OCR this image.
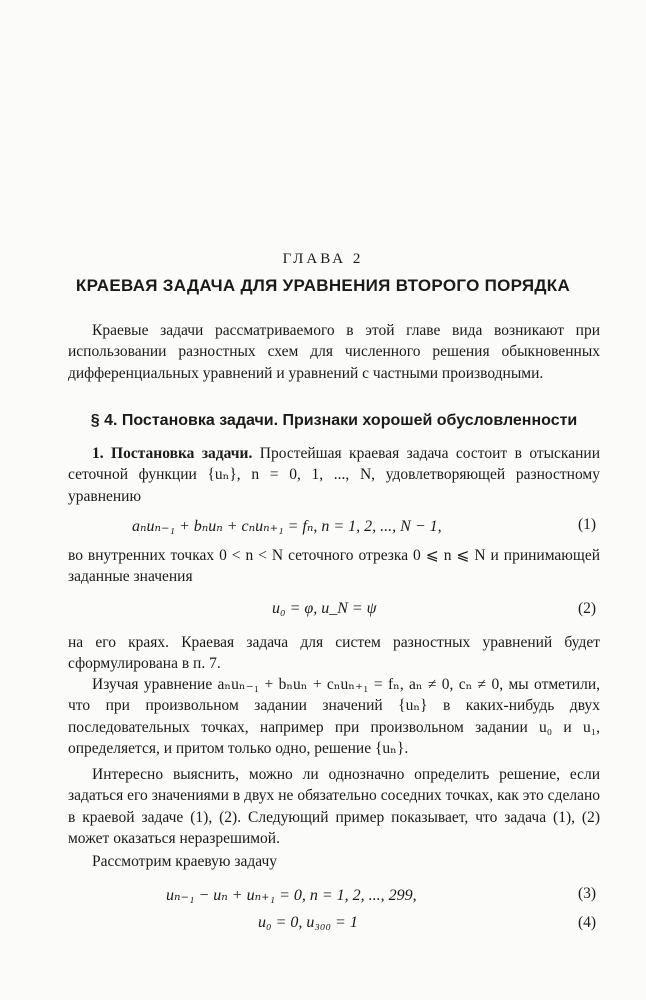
ГЛАВА 2
КРАЕВАЯ ЗАДАЧА ДЛЯ УРАВНЕНИЯ ВТОРОГО ПОРЯДКА
Краевые задачи рассматриваемого в этой главе вида возникают при использовании разностных схем для численного решения обыкновенных дифференциальных уравнений и уравнений с частными производными.
§ 4. Постановка задачи. Признаки хорошей обусловленности
1. Постановка задачи. Простейшая краевая задача состоит в отыскании сеточной функции {uₙ}, n = 0, 1, ..., N, удовлетворяющей разностному уравнению
aₙuₙ₋₁ + bₙuₙ + cₙuₙ₊₁ = fₙ, n = 1, 2, ..., N − 1,	(1)
во внутренних точках 0 < n < N сеточного отрезка 0 ⩽ n ⩽ N и принимающей заданные значения
u₀ = φ, u_N = ψ	(2)
на его краях. Краевая задача для систем разностных уравнений будет сформулирована в п. 7.
Изучая уравнение aₙuₙ₋₁ + bₙuₙ + cₙuₙ₊₁ = fₙ, aₙ ≠ 0, cₙ ≠ 0, мы отметили, что при произвольном задании значений {uₙ} в каких-нибудь двух последовательных точках, например при произвольном задании u₀ и u₁, определяется, и притом только одно, решение {uₙ}.
Интересно выяснить, можно ли однозначно определить решение, если задаться его значениями в двух не обязательно соседних точках, как это сделано в краевой задаче (1), (2). Следующий пример показывает, что задача (1), (2) может оказаться неразрешимой.
Рассмотрим краевую задачу
uₙ₋₁ − uₙ + uₙ₊₁ = 0, n = 1, 2, ..., 299,	(3)
u₀ = 0, u₃₀₀ = 1	(4)
